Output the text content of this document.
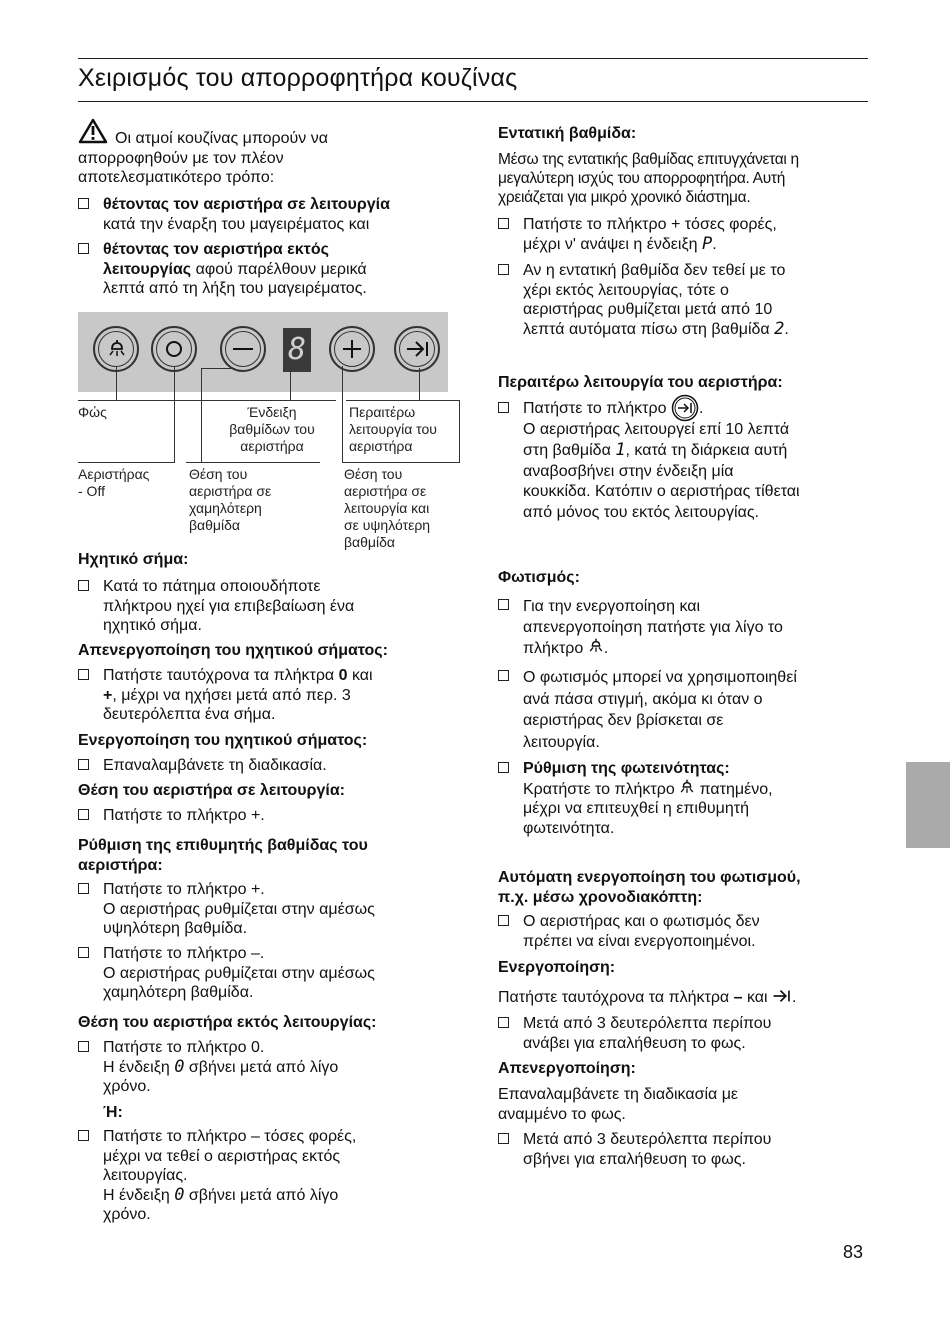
Χειρισμός του απορροφητήρα κουζίνας
Οι ατμοί κουζίνας μπορούν να
απορροφηθούν με τον πλέον
αποτελεσματικότερο τρόπο:
θέτοντας τον αεριστήρα σε λειτουργία
κατά την έναρξη του μαγειρέματος και
θέτοντας τον αεριστήρα εκτός
λειτουργίας αφού παρέλθουν μερικά
λεπτά από τη λήξη του μαγειρέματος.
8
Φώς	Ένδειξη
βαθμίδων του
αεριστήρα
Περαιτέρω
λειτουργία του
αεριστήρα
Αεριστήρας
- Off
Θέση του
αεριστήρα σε
χαμηλότερη
βαθμίδα
Θέση του
αεριστήρα σε
λειτουργία και
σε υψηλότερη
βαθμίδα
Ηχητικό σήμα:
Κατά το πάτημα οποιουδήποτε
πλήκτρου ηχεί για επιβεβαίωση ένα
ηχητικό σήμα.
Απενεργοποίηση του ηχητικού σήματος:
Πατήστε ταυτόχρονα τα πλήκτρα 0 και
+, μέχρι να ηχήσει μετά από περ. 3
δευτερόλεπτα ένα σήμα.
Ενεργοποίηση του ηχητικού σήματος:
Επαναλαμβάνετε τη διαδικασία.
Θέση του αεριστήρα σε λειτουργία:
Πατήστε το πλήκτρο +.
Ρύθμιση της επιθυμητής βαθμίδας του
αεριστήρα:
Πατήστε το πλήκτρο +.
Ο αεριστήρας ρυθμίζεται στην αμέσως
υψηλότερη βαθμίδα.
Πατήστε το πλήκτρο –.
Ο αεριστήρας ρυθμίζεται στην αμέσως
χαμηλότερη βαθμίδα.
Θέση του αεριστήρα εκτός λειτουργίας:
Πατήστε το πλήκτρο 0.
Η ένδειξη 0 σβήνει μετά από λίγο
χρόνο.
Ή:
Πατήστε το πλήκτρο – τόσες φορές,
μέχρι να τεθεί ο αεριστήρας εκτός
λειτουργίας.
Η ένδειξη 0 σβήνει μετά από λίγο
χρόνο.
Εντατική βαθμίδα:
Μέσω της εντατικής βαθμίδας επιτυγχάνεται η
μεγαλύτερη ισχύς του απορροφητήρα. Αυτή
χρειάζεται για μικρό χρονικό διάστημα.
Πατήστε το πλήκτρο + τόσες φορές,
μέχρι ν' ανάψει η ένδειξη P.
Αν η εντατική βαθμίδα δεν τεθεί με το
χέρι εκτός λειτουργίας, τότε ο
αεριστήρας ρυθμίζεται μετά από 10
λεπτά αυτόματα πίσω στη βαθμίδα 2.
Περαιτέρω λειτουργία του αεριστήρα:
Πατήστε το πλήκτρο
.
Ο αεριστήρας λειτουργεί επί 10 λεπτά
στη βαθμίδα 1, κατά τη διάρκεια αυτή
αναβοσβήνει στην ένδειξη μία
κουκκίδα. Κατόπιν ο αεριστήρας τίθεται
από μόνος του εκτός λειτουργίας.
Φωτισμός:
Για την ενεργοποίηση και
απενεργοποίηση πατήστε για λίγο το
πλήκτρο .
Ο φωτισμός μπορεί να χρησιμοποιηθεί
ανά πάσα στιγμή, ακόμα κι όταν ο
αεριστήρας δεν βρίσκεται σε
λειτουργία.
Ρύθμιση της φωτεινότητας:
Κρατήστε το πλήκτρο  πατημένο,
μέχρι να επιτευχθεί η επιθυμητή
φωτεινότητα.
Αυτόματη ενεργοποίηση του φωτισμού,
π.χ. μέσω χρονοδιακόπτη:
Ο αεριστήρας και ο φωτισμός δεν
πρέπει να είναι ενεργοποιημένοι.
Ενεργοποίηση:
Πατήστε ταυτόχρονα τα πλήκτρα – και .
Μετά από 3 δευτερόλεπτα περίπου
ανάβει για επαλήθευση το φως.
Απενεργοποίηση:
Επαναλαμβάνετε τη διαδικασία με
αναμμένο το φως.
Μετά από 3 δευτερόλεπτα περίπου
σβήνει για επαλήθευση το φως.
83
